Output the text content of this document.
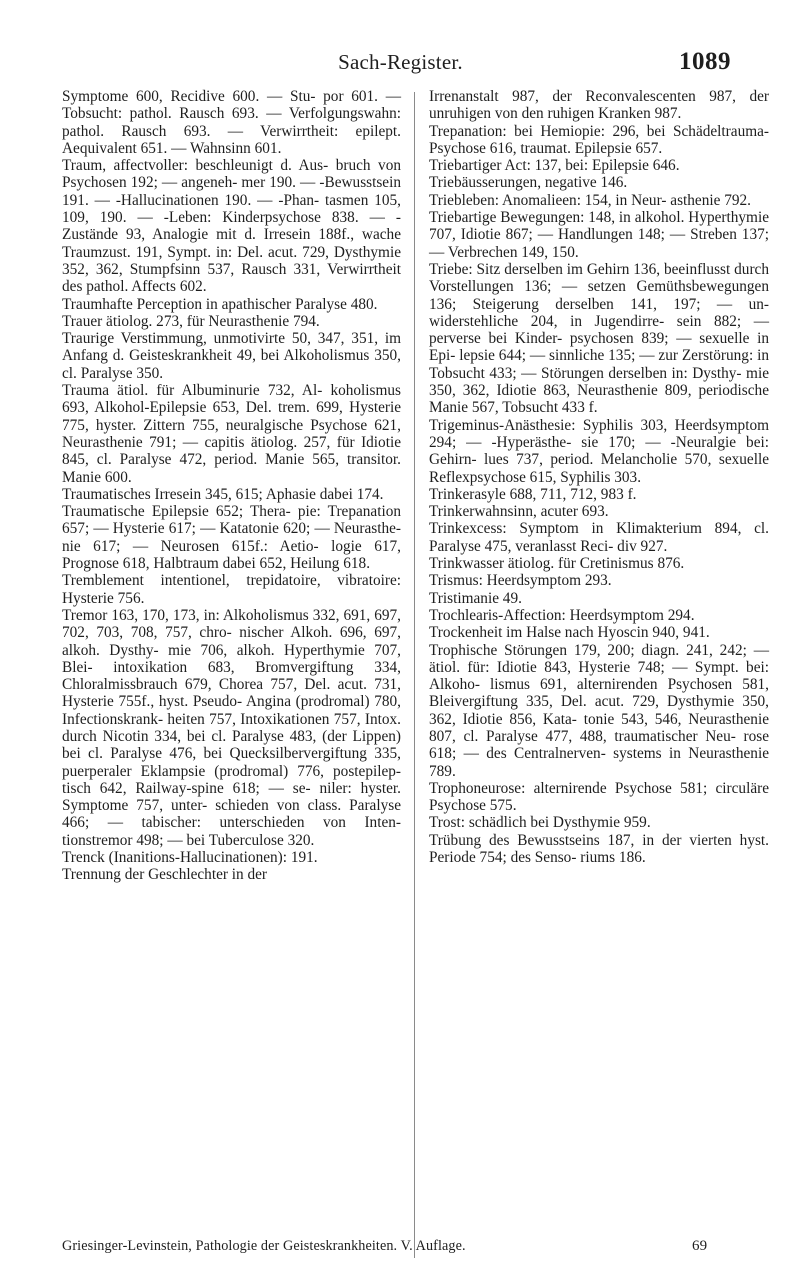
Sach-Register.	1089

Symptome 600, Recidive 600. — Stu- por 601. — Tobsucht: pathol. Rausch 693. — Verfolgungswahn: pathol. Rausch 693. — Verwirrtheit: epilept. Aequivalent 651. — Wahnsinn 601.

Traum, affectvoller: beschleunigt d. Aus- bruch von Psychosen 192; — angeneh- mer 190. — -Bewusstsein 191. — -Hallucinationen 190. — -Phan- tasmen 105, 109, 190. — -Leben: Kinderpsychose 838. — -Zustände 93, Analogie mit d. Irresein 188f., wache Traumzust. 191, Sympt. in: Del. acut. 729, Dysthymie 352, 362, Stumpfsinn 537, Rausch 331, Verwirrtheit des pathol. Affects 602.

Traumhafte Perception in apathischer Paralyse 480.

Trauer ätiolog. 273, für Neurasthenie 794.

Traurige Verstimmung, unmotivirte 50, 347, 351, im Anfang d. Geisteskrankheit 49, bei Alkoholismus 350, cl. Paralyse 350.

Trauma ätiol. für Albuminurie 732, Al- koholismus 693, Alkohol-Epilepsie 653, Del. trem. 699, Hysterie 775, hyster. Zittern 755, neuralgische Psychose 621, Neurasthenie 791; — capitis ätiolog. 257, für Idiotie 845, cl. Paralyse 472, period. Manie 565, transitor. Manie 600.

Traumatisches Irresein 345, 615; Aphasie dabei 174.

Traumatische Epilepsie 652; Thera- pie: Trepanation 657; — Hysterie 617; — Katatonie 620; — Neurasthe- nie 617; — Neurosen 615f.: Aetio- logie 617, Prognose 618, Halbtraum dabei 652, Heilung 618.

Tremblement intentionel, trepidatoire, vibratoire: Hysterie 756.

Tremor 163, 170, 173, in: Alkoholismus 332, 691, 697, 702, 703, 708, 757, chro- nischer Alkoh. 696, 697, alkoh. Dysthy- mie 706, alkoh. Hyperthymie 707, Blei- intoxikation 683, Bromvergiftung 334, Chloralmissbrauch 679, Chorea 757, Del. acut. 731, Hysterie 755f., hyst. Pseudo- Angina (prodromal) 780, Infectionskrank- heiten 757, Intoxikationen 757, Intox. durch Nicotin 334, bei cl. Paralyse 483, (der Lippen) bei cl. Paralyse 476, bei Quecksilbervergiftung 335, puerperaler Eklampsie (prodromal) 776, postepilep- tisch 642, Railway-spine 618; — se- niler: hyster. Symptome 757, unter- schieden von class. Paralyse 466; — tabischer: unterschieden von Inten- tionstremor 498; — bei Tuberculose 320.

Trenck (Inanitions-Hallucinationen): 191.

Trennung der Geschlechter in der

Irrenanstalt 987, der Reconvalescenten 987, der unruhigen von den ruhigen Kranken 987.

Trepanation: bei Hemiopie: 296, bei Schädeltrauma-Psychose 616, traumat. Epilepsie 657.

Triebartiger Act: 137, bei: Epilepsie 646.

Triebäusserungen, negative 146.

Triebleben: Anomalieen: 154, in Neur- asthenie 792.

Triebartige Bewegungen: 148, in alkohol. Hyperthymie 707, Idiotie 867; — Handlungen 148; — Streben 137; — Verbrechen 149, 150.

Triebe: Sitz derselben im Gehirn 136, beeinflusst durch Vorstellungen 136; — setzen Gemüthsbewegungen 136; Steigerung derselben 141, 197; — un- widerstehliche 204, in Jugendirre- sein 882; — perverse bei Kinder- psychosen 839; — sexuelle in Epi- lepsie 644; — sinnliche 135; — zur Zerstörung: in Tobsucht 433; — Störungen derselben in: Dysthy- mie 350, 362, Idiotie 863, Neurasthenie 809, periodische Manie 567, Tobsucht 433 f.

Trigeminus-Anästhesie: Syphilis 303, Heerdsymptom 294; — -Hyperästhe- sie 170; — -Neuralgie bei: Gehirn- lues 737, period. Melancholie 570, sexuelle Reflexpsychose 615, Syphilis 303.

Trinkerasyle 688, 711, 712, 983 f.

Trinkerwahnsinn, acuter 693.

Trinkexcess: Symptom in Klimakterium 894, cl. Paralyse 475, veranlasst Reci- div 927.

Trinkwasser ätiolog. für Cretinismus 876.

Trismus: Heerdsymptom 293.

Tristimanie 49.

Trochlearis-Affection: Heerdsymptom 294.

Trockenheit im Halse nach Hyoscin 940, 941.

Trophische Störungen 179, 200; diagn. 241, 242; — ätiol. für: Idiotie 843, Hysterie 748; — Sympt. bei: Alkoho- lismus 691, alternirenden Psychosen 581, Bleivergiftung 335, Del. acut. 729, Dysthymie 350, 362, Idiotie 856, Kata- tonie 543, 546, Neurasthenie 807, cl. Paralyse 477, 488, traumatischer Neu- rose 618; — des Centralnerven- systems in Neurasthenie 789.

Trophoneurose: alternirende Psychose 581; circuläre Psychose 575.

Trost: schädlich bei Dysthymie 959.

Trübung des Bewusstseins 187, in der vierten hyst. Periode 754; des Senso- riums 186.

Griesinger-Levinstein, Pathologie der Geisteskrankheiten. V. Auflage.	69
